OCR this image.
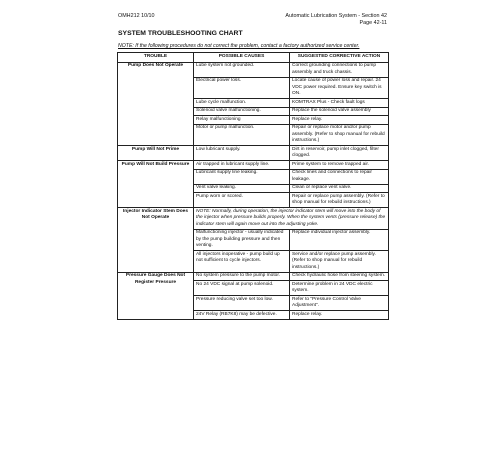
OMH212 10/10	Automatic Lubrication System - Section 42
Page 42-11
SYSTEM TROUBLESHOOTING CHART
NOTE: If the following procedures do not correct the problem, contact a factory authorized service center.
TROUBLE	POSSIBLE CAUSES	SUGGESTED CORRECTIVE ACTION
Pump Does Not Operate	Lube system not grounded.	Correct grounding connections to pump assembly and truck chassis.
	Electrical power loss.	Locate cause of power loss and repair. 24 VDC power required. Ensure key switch is ON.
	Lube cycle malfunction.	KOMTRAX Plus - Check fault logs
	Solenoid valve malfunctioning.	Replace the solenoid valve assembly
	Relay malfunctioning	Replace relay.
	Motor or pump malfunction.	Repair or replace motor and/or pump assembly. (Refer to shop manual for rebuild instructions.)
Pump Will Not Prime	Low lubricant supply.	Dirt in reservoir, pump inlet clogged, filter clogged.
Pump Will Not Build Pressure	Air trapped in lubricant supply line.	Prime system to remove trapped air.
	Lubricant supply line leaking.	Check lines and connections to repair leakage.
	Vent valve leaking.	Clean or replace vent valve.
	Pump worn or scored.	Repair or replace pump assembly. (Refer to shop manual for rebuild instructions.)
Injector Indicator Stem Does Not Operate	NOTE: Normally, during operation, the injector indicator stem will move into the body of the injector when pressure builds properly. When the system vents (pressure release) the indicator stem will again move out into the adjusting yoke.	
	Malfunctioning injector - usually indicated by the pump building pressure and then venting.	Replace individual injector assembly.
	All injectors inoperative - pump build up not sufficient to cycle injectors.	Service and/or replace pump assembly. (Refer to shop manual for rebuild instructions.)
Pressure Gauge Does Not Register Pressure	No system pressure to the pump motor.	Check hydraulic hose from steering system.
	No 24 VDC signal at pump solenoid.	Determine problem in 24 VDC electric system.
	Pressure reducing valve set too low.	Refer to “Pressure Control Valve Adjustment”.
	24V Relay (RB7K8) may be defective.	Replace relay.
